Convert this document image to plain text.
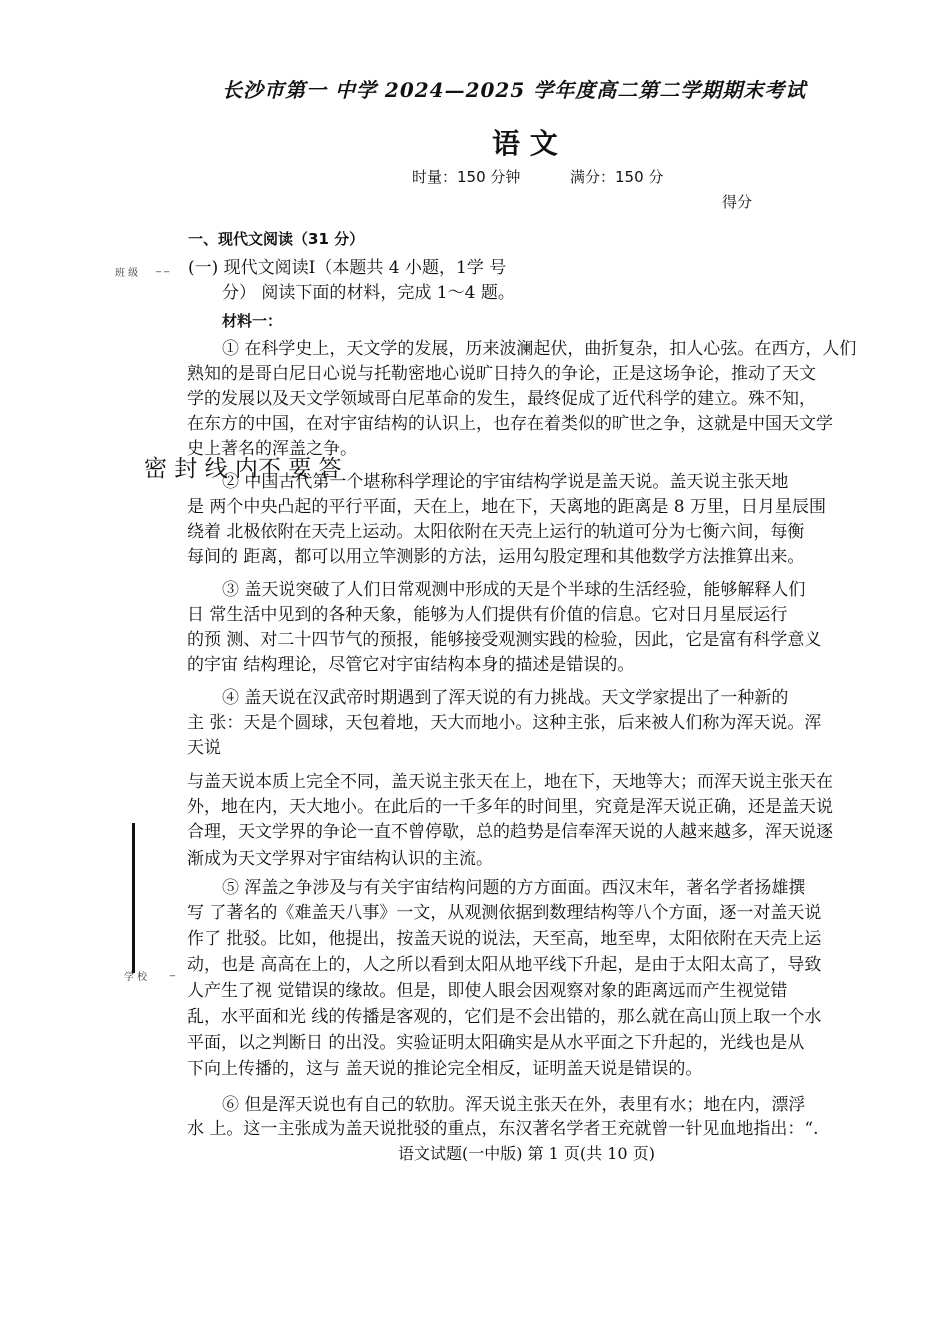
长沙市第一 中学 2024—2025 学年度高二第二学期期末考试
语 文
时量：150 分钟	满分：150 分
得分
一、现代文阅读（31 分）
班 级
_ _ (一) 现代文阅读Ⅰ（本题共 4 小题，1学 号
分） 阅读下面的材料，完成 1～4 题。
材料一：
① 在科学史上，天文学的发展，历来波澜起伏，曲折复杂，扣人心弦。在西方，人们
熟知的是哥白尼日心说与托勒密地心说旷日持久的争论，正是这场争论，推动了天文
学的发展以及天文学领域哥白尼革命的发生，最终促成了近代科学的建立。殊不知，
在东方的中国，在对宇宙结构的认识上，也存在着类似的旷世之争，这就是中国天文学
史上著名的浑盖之争。
密 封 线 内不 要 答
② 中国古代第一个堪称科学理论的宇宙结构学说是盖天说。盖天说主张天地
是 两个中央凸起的平行平面，天在上，地在下，天离地的距离是 8 万里，日月星辰围
绕着 北极依附在天壳上运动。太阳依附在天壳上运行的轨道可分为七衡六间，每衡
每间的 距离，都可以用立竿测影的方法，运用勾股定理和其他数学方法推算出来。
③ 盖天说突破了人们日常观测中形成的天是个半球的生活经验，能够解释人们
日 常生活中见到的各种天象，能够为人们提供有价值的信息。它对日月星辰运行
的预 测、对二十四节气的预报，能够接受观测实践的检验，因此，它是富有科学意义
的宇宙 结构理论，尽管它对宇宙结构本身的描述是错误的。
④ 盖天说在汉武帝时期遇到了浑天说的有力挑战。天文学家提出了一种新的
主 张：天是个圆球，天包着地，天大而地小。这种主张，后来被人们称为浑天说。浑
天说
与盖天说本质上完全不同，盖天说主张天在上，地在下，天地等大；而浑天说主张天在
外，地在内，天大地小。在此后的一千多年的时间里，究竟是浑天说正确，还是盖天说
合理，天文学界的争论一直不曾停歇，总的趋势是信奉浑天说的人越来越多，浑天说逐
渐成为天文学界对宇宙结构认识的主流。
⑤ 浑盖之争涉及与有关宇宙结构问题的方方面面。西汉末年，著名学者扬雄撰
写 了著名的《难盖天八事》一文，从观测依据到数理结构等八个方面，逐一对盖天说
作了 批驳。比如，他提出，按盖天说的说法，天至高，地至卑，太阳依附在天壳上运
动，也是 高高在上的，人之所以看到太阳从地平线下升起，是由于太阳太高了，导致
学 校
_
人产生了视 觉错误的缘故。但是，即使人眼会因观察对象的距离远而产生视觉错
乱，水平面和光 线的传播是客观的，它们是不会出错的，那么就在高山顶上取一个水
平面，以之判断日 的出没。实验证明太阳确实是从水平面之下升起的，光线也是从
下向上传播的，这与 盖天说的推论完全相反，证明盖天说是错误的。
⑥ 但是浑天说也有自己的软肋。浑天说主张天在外，表里有水；地在内，漂浮
水 上。这一主张成为盖天说批驳的重点，东汉著名学者王充就曾一针见血地指出：“.
语文试题(一中版) 第 1 页(共 10 页)
